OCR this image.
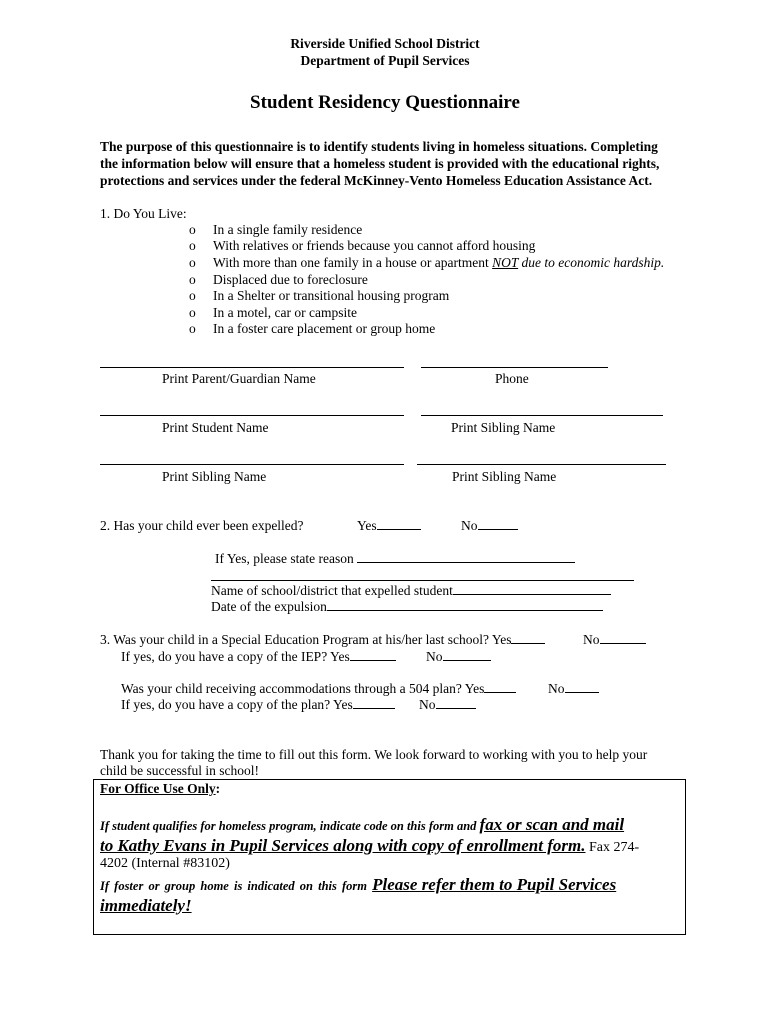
Riverside Unified School District
Department of Pupil Services
Student Residency Questionnaire
The purpose of this questionnaire is to identify students living in homeless situations. Completing
the information below will ensure that a homeless student is provided with the educational rights,
protections and services under the federal McKinney-Vento Homeless Education Assistance Act.
1. Do You Live:
o In a single family residence
o With relatives or friends because you cannot afford housing
o With more than one family in a house or apartment NOT due to economic hardship.
o Displaced due to foreclosure
o In a Shelter or transitional housing program
o In a motel, car or campsite
o In a foster care placement or group home
Print Parent/Guardian Name	Phone
Print Student Name	Print Sibling Name
Print Sibling Name	Print Sibling Name
2. Has your child ever been expelled?	Yes	No
If Yes, please state reason
Name of school/district that expelled student
Date of the expulsion
3. Was your child in a Special Education Program at his/her last school? Yes	No
If yes, do you have a copy of the IEP? Yes	No
Was your child receiving accommodations through a 504 plan? Yes	No
If yes, do you have a copy of the plan? Yes	No
Thank you for taking the time to fill out this form. We look forward to working with you to help your
child be successful in school!
For Office Use Only:
If student qualifies for homeless program, indicate code on this form and fax or scan and mail
to Kathy Evans in Pupil Services along with copy of enrollment form. Fax 274-
4202 (Internal #83102)
If foster or group home is indicated on this form Please refer them to Pupil Services
immediately!
